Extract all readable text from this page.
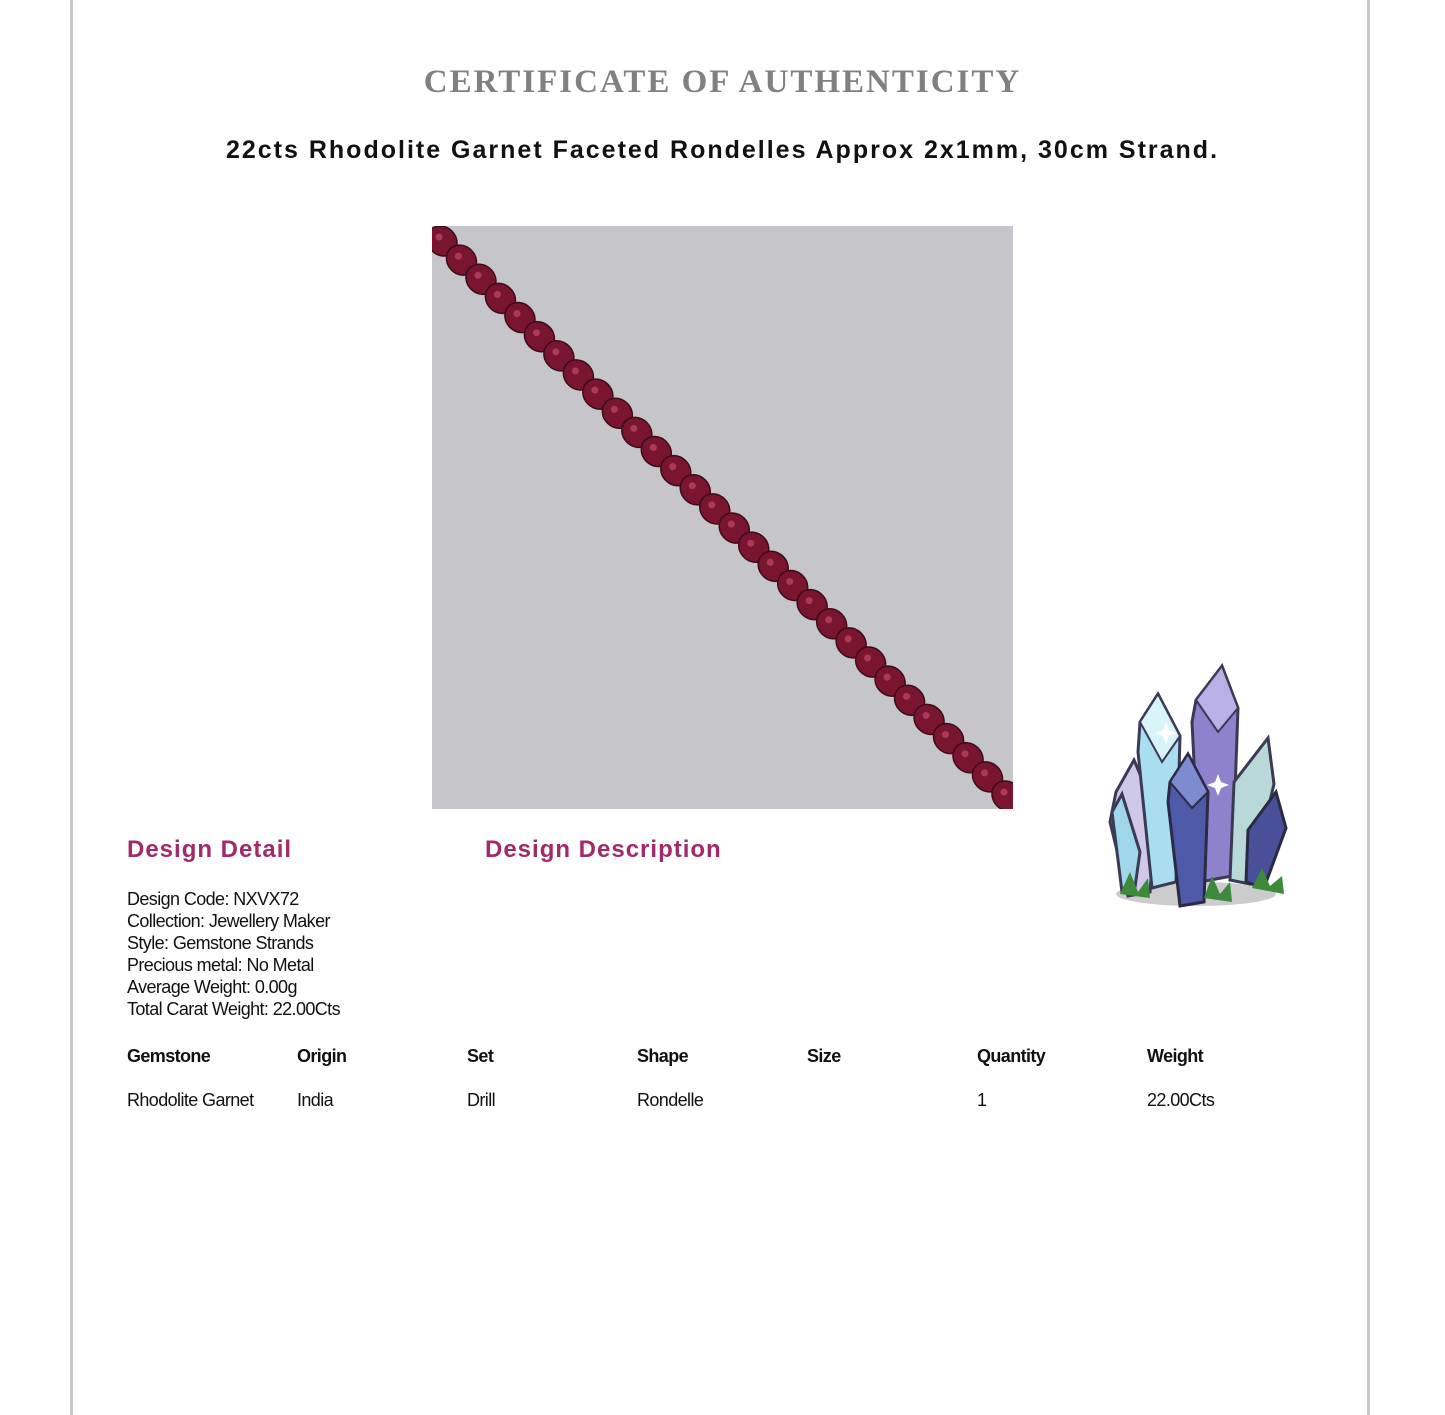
CERTIFICATE OF AUTHENTICITY
22cts Rhodolite Garnet Faceted Rondelles Approx 2x1mm, 30cm Strand.
Design Detail	Design Description
Design Code: NXVX72
Collection: Jewellery Maker
Style: Gemstone Strands
Precious metal: No Metal
Average Weight: 0.00g
Total Carat Weight: 22.00Cts
Gemstone	Origin	Set	Shape	Size	Quantity	Weight
Rhodolite Garnet	India	Drill	Rondelle		1	22.00Cts
